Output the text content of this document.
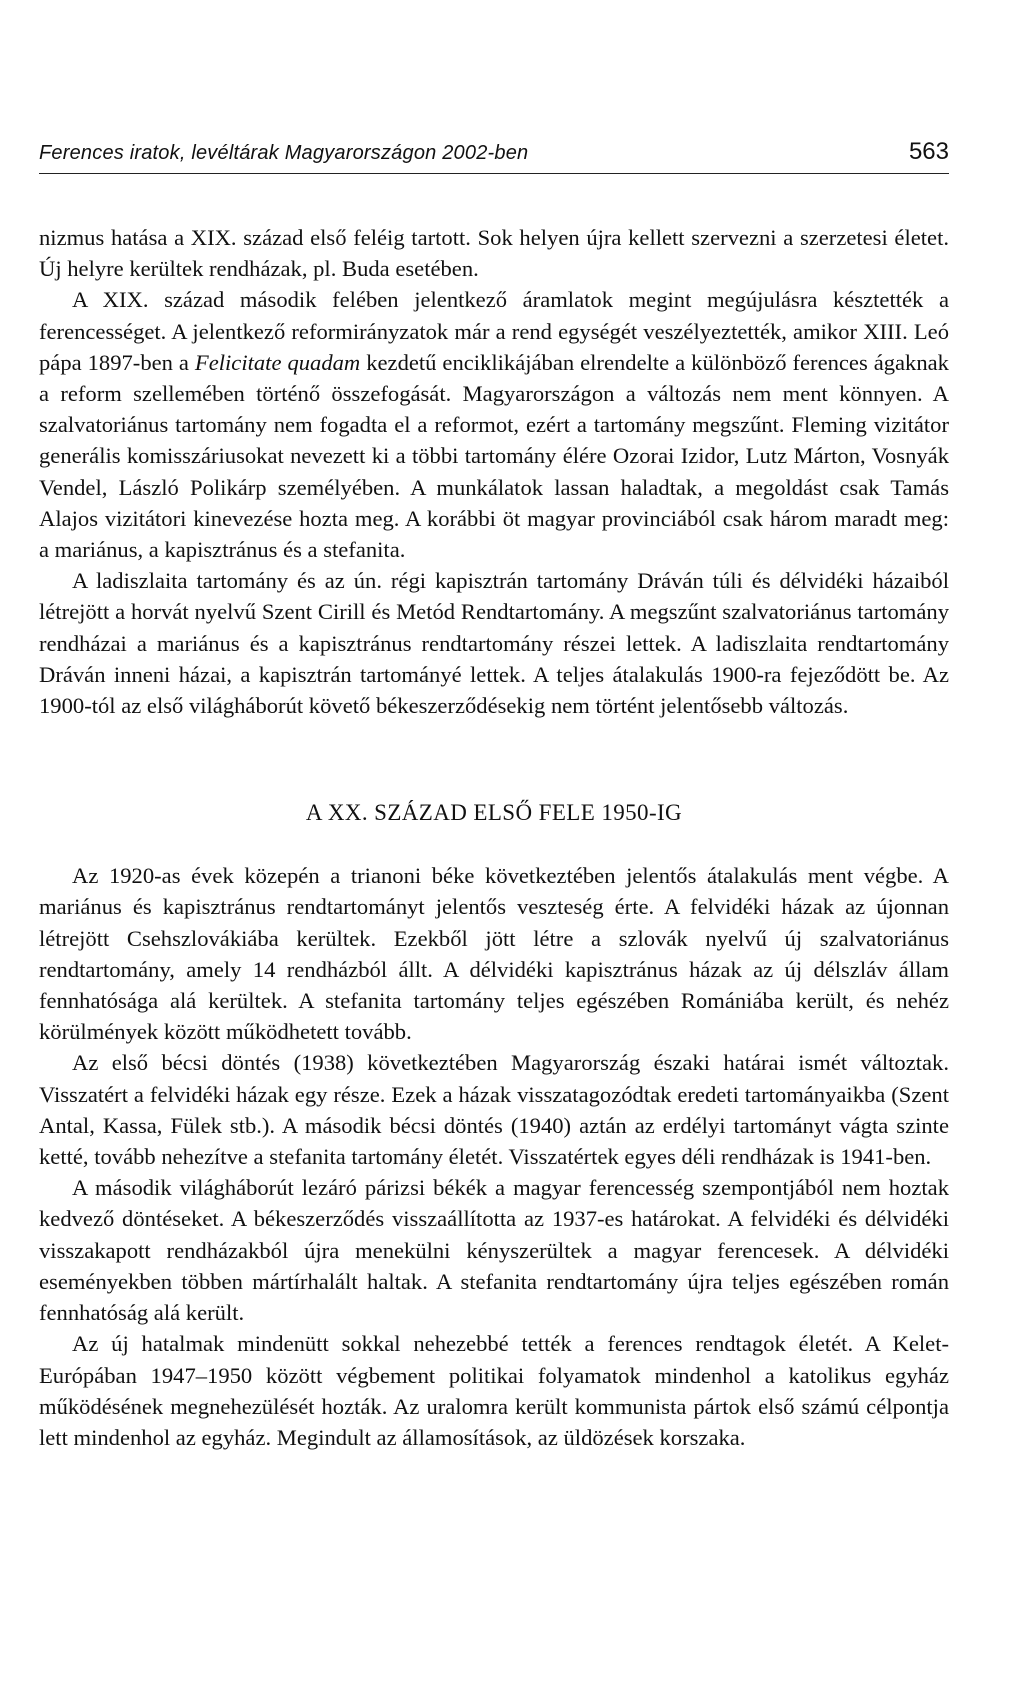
Ferences iratok, levéltárak Magyarországon 2002-ben	563

nizmus hatása a XIX. század első feléig tartott. Sok helyen újra kellett szervezni a szerzetesi életet. Új helyre kerültek rendházak, pl. Buda esetében.

A XIX. század második felében jelentkező áramlatok megint megújulásra késztették a ferencességet. A jelentkező reformirányzatok már a rend egységét veszélyeztették, amikor XIII. Leó pápa 1897-ben a Felicitate quadam kezdetű enciklikájában elrendelte a különböző ferences ágaknak a reform szellemében történő összefogását. Magyarországon a változás nem ment könnyen. A szalvatoriánus tartomány nem fogadta el a reformot, ezért a tartomány megszűnt. Fleming vizitátor generális komisszáriusokat nevezett ki a többi tartomány élére Ozorai Izidor, Lutz Márton, Vosnyák Vendel, László Polikárp személyében. A munkálatok lassan haladtak, a megoldást csak Tamás Alajos vizitátori kinevezése hozta meg. A korábbi öt magyar provinciából csak három maradt meg: a mariánus, a kapisztránus és a stefanita.

A ladiszlaita tartomány és az ún. régi kapisztrán tartomány Dráván túli és délvidéki házaiból létrejött a horvát nyelvű Szent Cirill és Metód Rendtartomány. A megszűnt szalvatoriánus tartomány rendházai a mariánus és a kapisztránus rendtartomány részei lettek. A ladiszlaita rendtartomány Dráván inneni házai, a kapisztrán tartományé lettek. A teljes átalakulás 1900-ra fejeződött be. Az 1900-tól az első világháborút követő békeszerződésekig nem történt jelentősebb változás.

A XX. SZÁZAD ELSŐ FELE 1950-IG

Az 1920-as évek közepén a trianoni béke következtében jelentős átalakulás ment végbe. A mariánus és kapisztránus rendtartományt jelentős veszteség érte. A felvidéki házak az újonnan létrejött Csehszlovákiába kerültek. Ezekből jött létre a szlovák nyelvű új szalvatoriánus rendtartomány, amely 14 rendházból állt. A délvidéki kapisztránus házak az új délszláv állam fennhatósága alá kerültek. A stefanita tartomány teljes egészében Romániába került, és nehéz körülmények között működhetett tovább.

Az első bécsi döntés (1938) következtében Magyarország északi határai ismét változtak. Visszatért a felvidéki házak egy része. Ezek a házak visszatagozódtak eredeti tartományaikba (Szent Antal, Kassa, Fülek stb.). A második bécsi döntés (1940) aztán az erdélyi tartományt vágta szinte ketté, tovább nehezítve a stefanita tartomány életét. Visszatértek egyes déli rendházak is 1941-ben.

A második világháborút lezáró párizsi békék a magyar ferencesség szempontjából nem hoztak kedvező döntéseket. A békeszerződés visszaállította az 1937-es határokat. A felvidéki és délvidéki visszakapott rendházakból újra menekülni kényszerültek a magyar ferencesek. A délvidéki eseményekben többen mártírhalált haltak. A stefanita rendtartomány újra teljes egészében román fennhatóság alá került.

Az új hatalmak mindenütt sokkal nehezebbé tették a ferences rendtagok életét. A Kelet-Európában 1947–1950 között végbement politikai folyamatok mindenhol a katolikus egyház működésének megnehezülését hozták. Az uralomra került kommunista pártok első számú célpontja lett mindenhol az egyház. Megindult az államosítások, az üldözések korszaka.
